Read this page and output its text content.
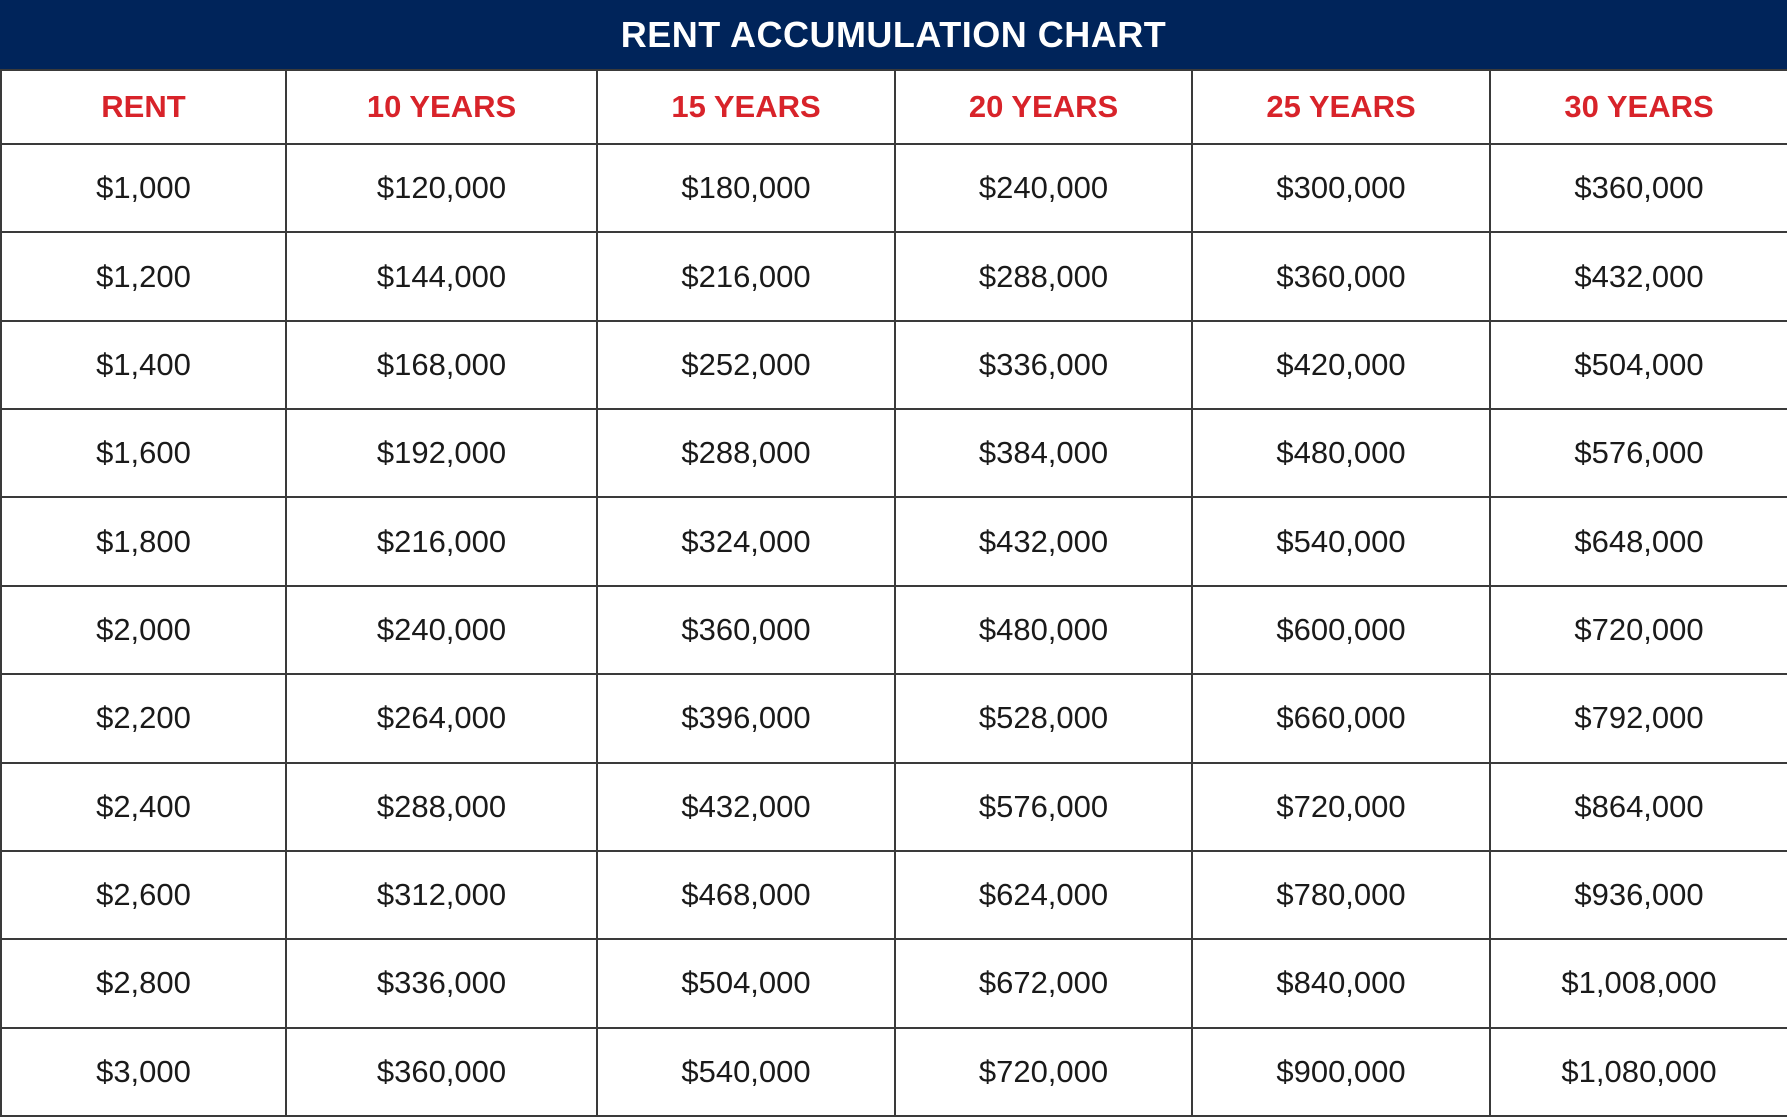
RENT ACCUMULATION CHART
RENT	10 YEARS	15 YEARS	20 YEARS	25 YEARS	30 YEARS
$1,000	$120,000	$180,000	$240,000	$300,000	$360,000
$1,200	$144,000	$216,000	$288,000	$360,000	$432,000
$1,400	$168,000	$252,000	$336,000	$420,000	$504,000
$1,600	$192,000	$288,000	$384,000	$480,000	$576,000
$1,800	$216,000	$324,000	$432,000	$540,000	$648,000
$2,000	$240,000	$360,000	$480,000	$600,000	$720,000
$2,200	$264,000	$396,000	$528,000	$660,000	$792,000
$2,400	$288,000	$432,000	$576,000	$720,000	$864,000
$2,600	$312,000	$468,000	$624,000	$780,000	$936,000
$2,800	$336,000	$504,000	$672,000	$840,000	$1,008,000
$3,000	$360,000	$540,000	$720,000	$900,000	$1,080,000
